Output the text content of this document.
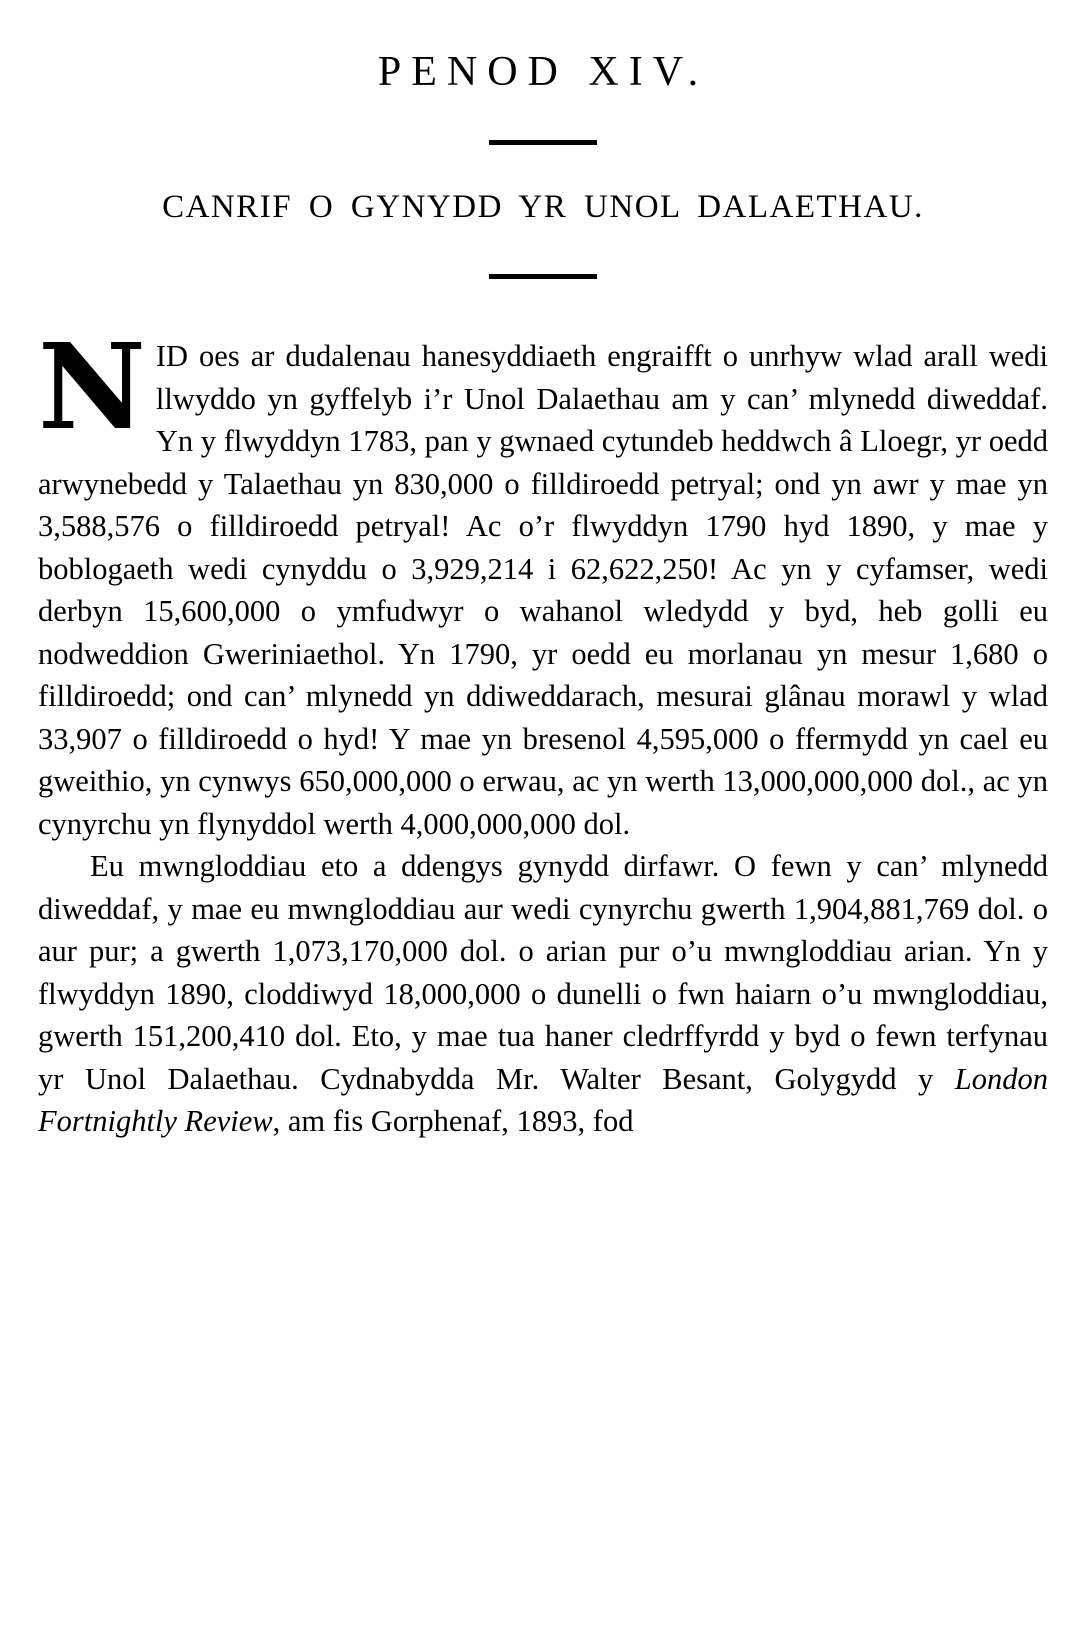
PENOD XIV.
CANRIF O GYNYDD YR UNOL DALAETHAU.

NID oes ar dudalenau hanesyddiaeth engraifft o unrhyw wlad arall wedi llwyddo yn gyffelyb i’r Unol Dalaethau am y can’ mlynedd diweddaf. Yn y flwyddyn 1783, pan y gwnaed cytundeb heddwch â Lloegr, yr oedd arwynebedd y Talaethau yn 830,000 o filldiroedd petryal; ond yn awr y mae yn 3,588,576 o filldiroedd petryal! Ac o’r flwyddyn 1790 hyd 1890, y mae y boblogaeth wedi cynyddu o 3,929,214 i 62,622,250! Ac yn y cyfamser, wedi derbyn 15,600,000 o ymfudwyr o wahanol wledydd y byd, heb golli eu nodweddion Gweriniaethol. Yn 1790, yr oedd eu morlanau yn mesur 1,680 o filldiroedd; ond can’ mlynedd yn ddiweddarach, mesurai glânau morawl y wlad 33,907 o filldiroedd o hyd! Y mae yn bresenol 4,595,000 o ffermydd yn cael eu gweithio, yn cynwys 650,000,000 o erwau, ac yn werth 13,000,000,000 dol., ac yn cynyrchu yn flynyddol werth 4,000,000,000 dol.

Eu mwngloddiau eto a ddengys gynydd dirfawr. O fewn y can’ mlynedd diweddaf, y mae eu mwngloddiau aur wedi cynyrchu gwerth 1,904,881,769 dol. o aur pur; a gwerth 1,073,170,000 dol. o arian pur o’u mwngloddiau arian. Yn y flwyddyn 1890, cloddiwyd 18,000,000 o dunelli o fwn haiarn o’u mwngloddiau, gwerth 151,200,410 dol. Eto, y mae tua haner cledrffyrdd y byd o fewn terfynau yr Unol Dalaethau. Cydnabydda Mr. Walter Besant, Golygydd y London Fortnightly Review, am fis Gorphenaf, 1893, fod
